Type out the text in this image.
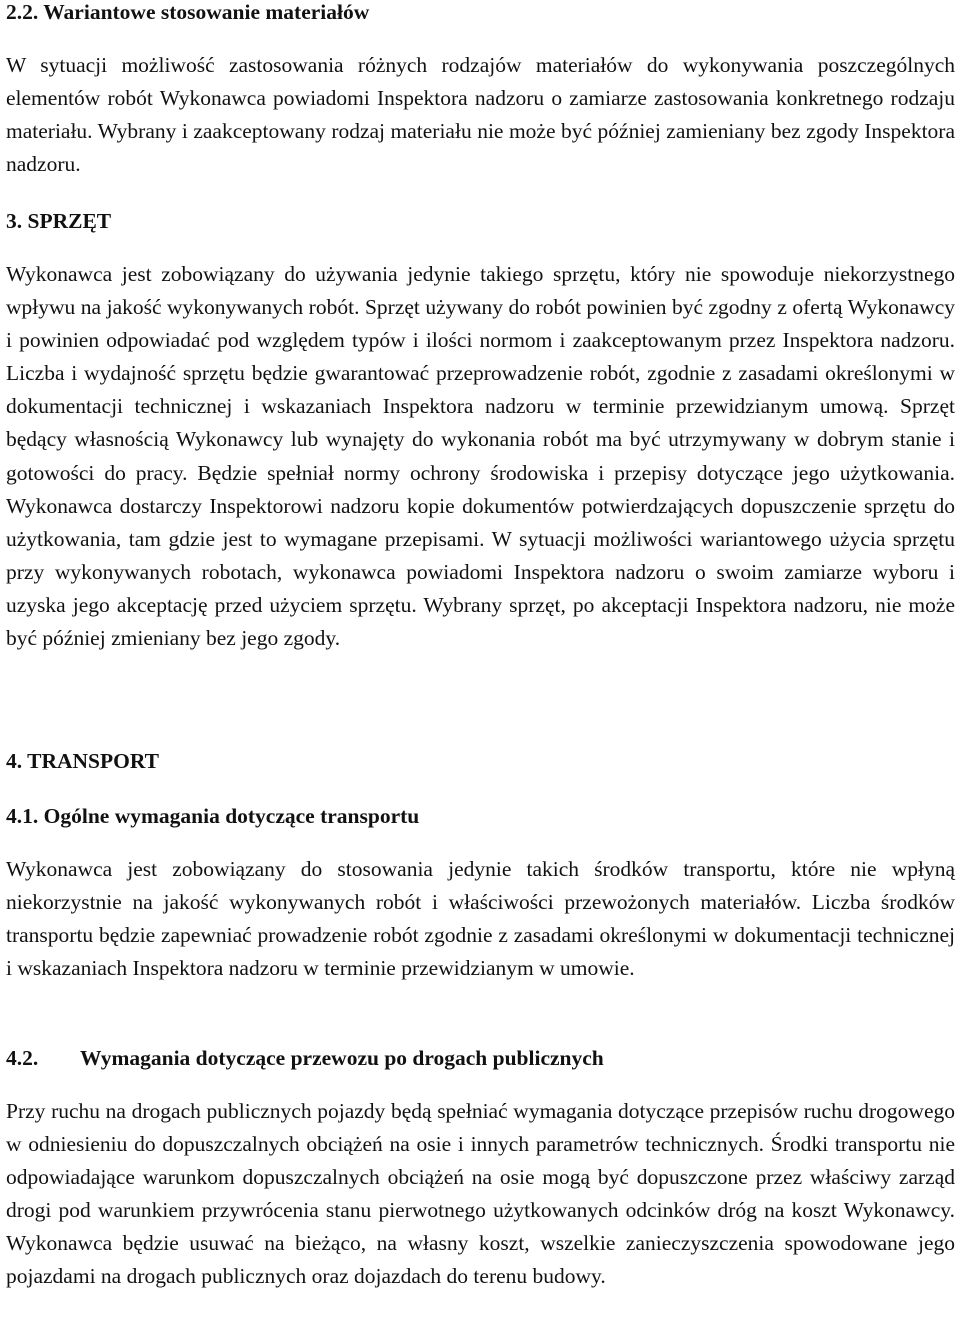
2.2. Wariantowe stosowanie materiałów

W sytuacji możliwość zastosowania różnych rodzajów materiałów do wykonywania poszczególnych elementów robót Wykonawca powiadomi Inspektora nadzoru o zamiarze zastosowania konkretnego rodzaju materiału. Wybrany i zaakceptowany rodzaj materiału nie może być później zamieniany bez zgody Inspektora nadzoru.

3. SPRZĘT

Wykonawca jest zobowiązany do używania jedynie takiego sprzętu, który nie spowoduje niekorzystnego wpływu na jakość wykonywanych robót. Sprzęt używany do robót powinien być zgodny z ofertą Wykonawcy i powinien odpowiadać pod względem typów i ilości normom i zaakceptowanym przez Inspektora nadzoru. Liczba i wydajność sprzętu będzie gwarantować przeprowadzenie robót, zgodnie z zasadami określonymi w dokumentacji technicznej i wskazaniach Inspektora nadzoru w terminie przewidzianym umową. Sprzęt będący własnością Wykonawcy lub wynajęty do wykonania robót ma być utrzymywany w dobrym stanie i gotowości do pracy. Będzie spełniał normy ochrony środowiska i przepisy dotyczące jego użytkowania. Wykonawca dostarczy Inspektorowi nadzoru kopie dokumentów potwierdzających dopuszczenie sprzętu do użytkowania, tam gdzie jest to wymagane przepisami. W sytuacji możliwości wariantowego użycia sprzętu przy wykonywanych robotach, wykonawca powiadomi Inspektora nadzoru o swoim zamiarze wyboru i uzyska jego akceptację przed użyciem sprzętu. Wybrany sprzęt, po akceptacji Inspektora nadzoru, nie może być później zmieniany bez jego zgody.

4. TRANSPORT
4.1. Ogólne wymagania dotyczące transportu

Wykonawca jest zobowiązany do stosowania jedynie takich środków transportu, które nie wpłyną niekorzystnie na jakość wykonywanych robót i właściwości przewożonych materiałów. Liczba środków transportu będzie zapewniać prowadzenie robót zgodnie z zasadami określonymi w dokumentacji technicznej i wskazaniach Inspektora nadzoru w terminie przewidzianym w umowie.

4.2. Wymagania dotyczące przewozu po drogach publicznych

Przy ruchu na drogach publicznych pojazdy będą spełniać wymagania dotyczące przepisów ruchu drogowego w odniesieniu do dopuszczalnych obciążeń na osie i innych parametrów technicznych. Środki transportu nie odpowiadające warunkom dopuszczalnych obciążeń na osie mogą być dopuszczone przez właściwy zarząd drogi pod warunkiem przywrócenia stanu pierwotnego użytkowanych odcinków dróg na koszt Wykonawcy. Wykonawca będzie usuwać na bieżąco, na własny koszt, wszelkie zanieczyszczenia spowodowane jego pojazdami na drogach publicznych oraz dojazdach do terenu budowy.
